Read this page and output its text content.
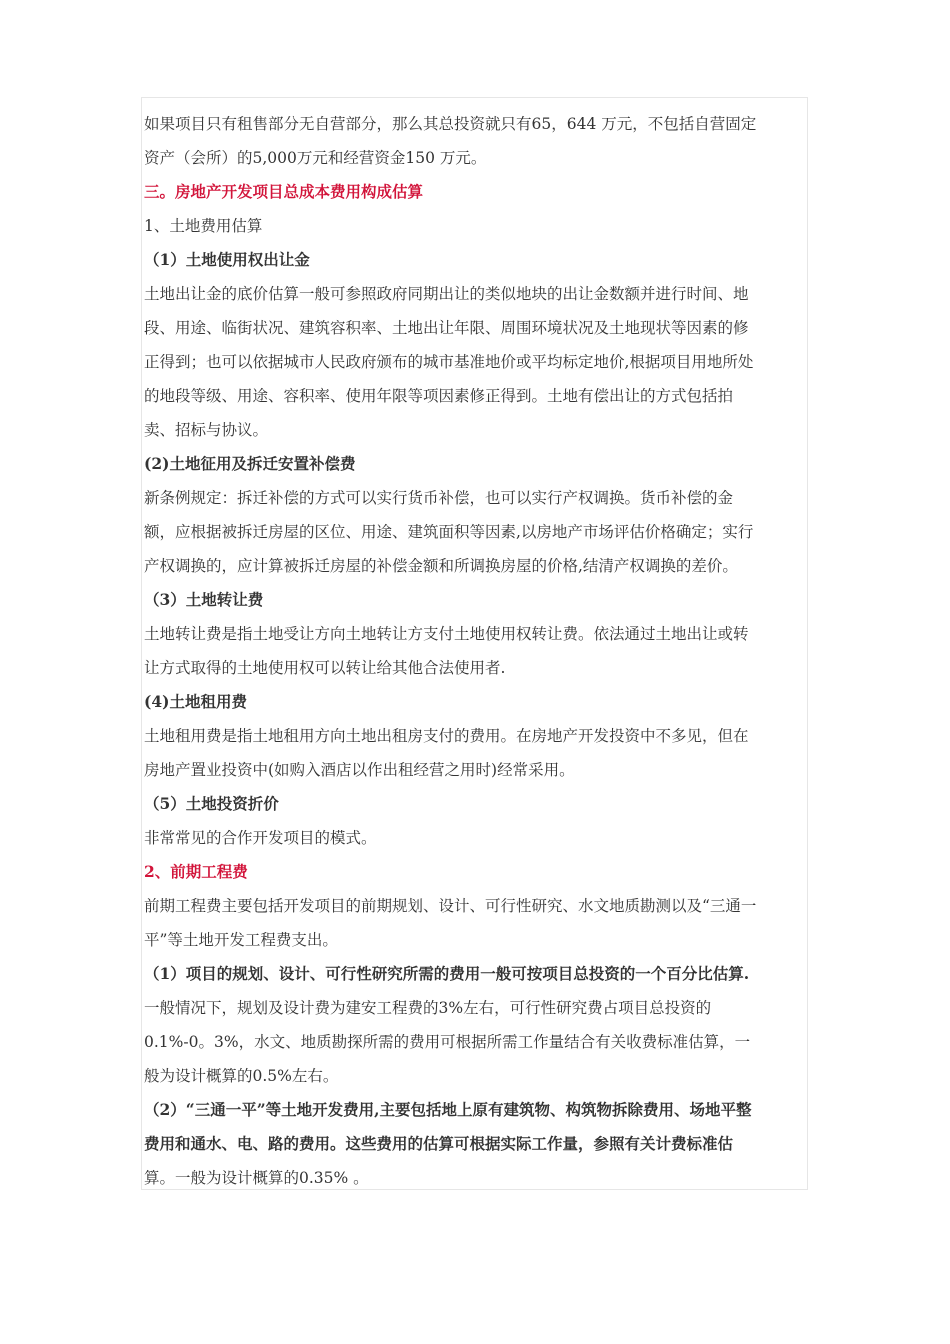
如果项目只有租售部分无自营部分，那么其总投资就只有65，644 万元，不包括自营固定
资产（会所）的5,000万元和经营资金150 万元。
三。房地产开发项目总成本费用构成估算
1、土地费用估算
（1）土地使用权出让金
土地出让金的底价估算一般可参照政府同期出让的类似地块的出让金数额并进行时间、地
段、用途、临街状况、建筑容积率、土地出让年限、周围环境状况及土地现状等因素的修
正得到；也可以依据城市人民政府颁布的城市基准地价或平均标定地价,根据项目用地所处
的地段等级、用途、容积率、使用年限等项因素修正得到。土地有偿出让的方式包括拍
卖、招标与协议。
(2)土地征用及拆迁安置补偿费
新条例规定：拆迁补偿的方式可以实行货币补偿，也可以实行产权调换。货币补偿的金
额，应根据被拆迁房屋的区位、用途、建筑面积等因素,以房地产市场评估价格确定；实行
产权调换的，应计算被拆迁房屋的补偿金额和所调换房屋的价格,结清产权调换的差价。
（3）土地转让费
土地转让费是指土地受让方向土地转让方支付土地使用权转让费。依法通过土地出让或转
让方式取得的土地使用权可以转让给其他合法使用者.
(4)土地租用费
土地租用费是指土地租用方向土地出租房支付的费用。在房地产开发投资中不多见，但在
房地产置业投资中(如购入酒店以作出租经营之用时)经常采用。
（5）土地投资折价
非常常见的合作开发项目的模式。
2、前期工程费
前期工程费主要包括开发项目的前期规划、设计、可行性研究、水文地质勘测以及“三通一
平”等土地开发工程费支出。
（1）项目的规划、设计、可行性研究所需的费用一般可按项目总投资的一个百分比估算.
一般情况下，规划及设计费为建安工程费的3%左右，可行性研究费占项目总投资的
0.1%-0。3%，水文、地质勘探所需的费用可根据所需工作量结合有关收费标准估算，一
般为设计概算的0.5%左右。
（2）“三通一平”等土地开发费用,主要包括地上原有建筑物、构筑物拆除费用、场地平整
费用和通水、电、路的费用。这些费用的估算可根据实际工作量，参照有关计费标准估
算。一般为设计概算的0.35% 。
